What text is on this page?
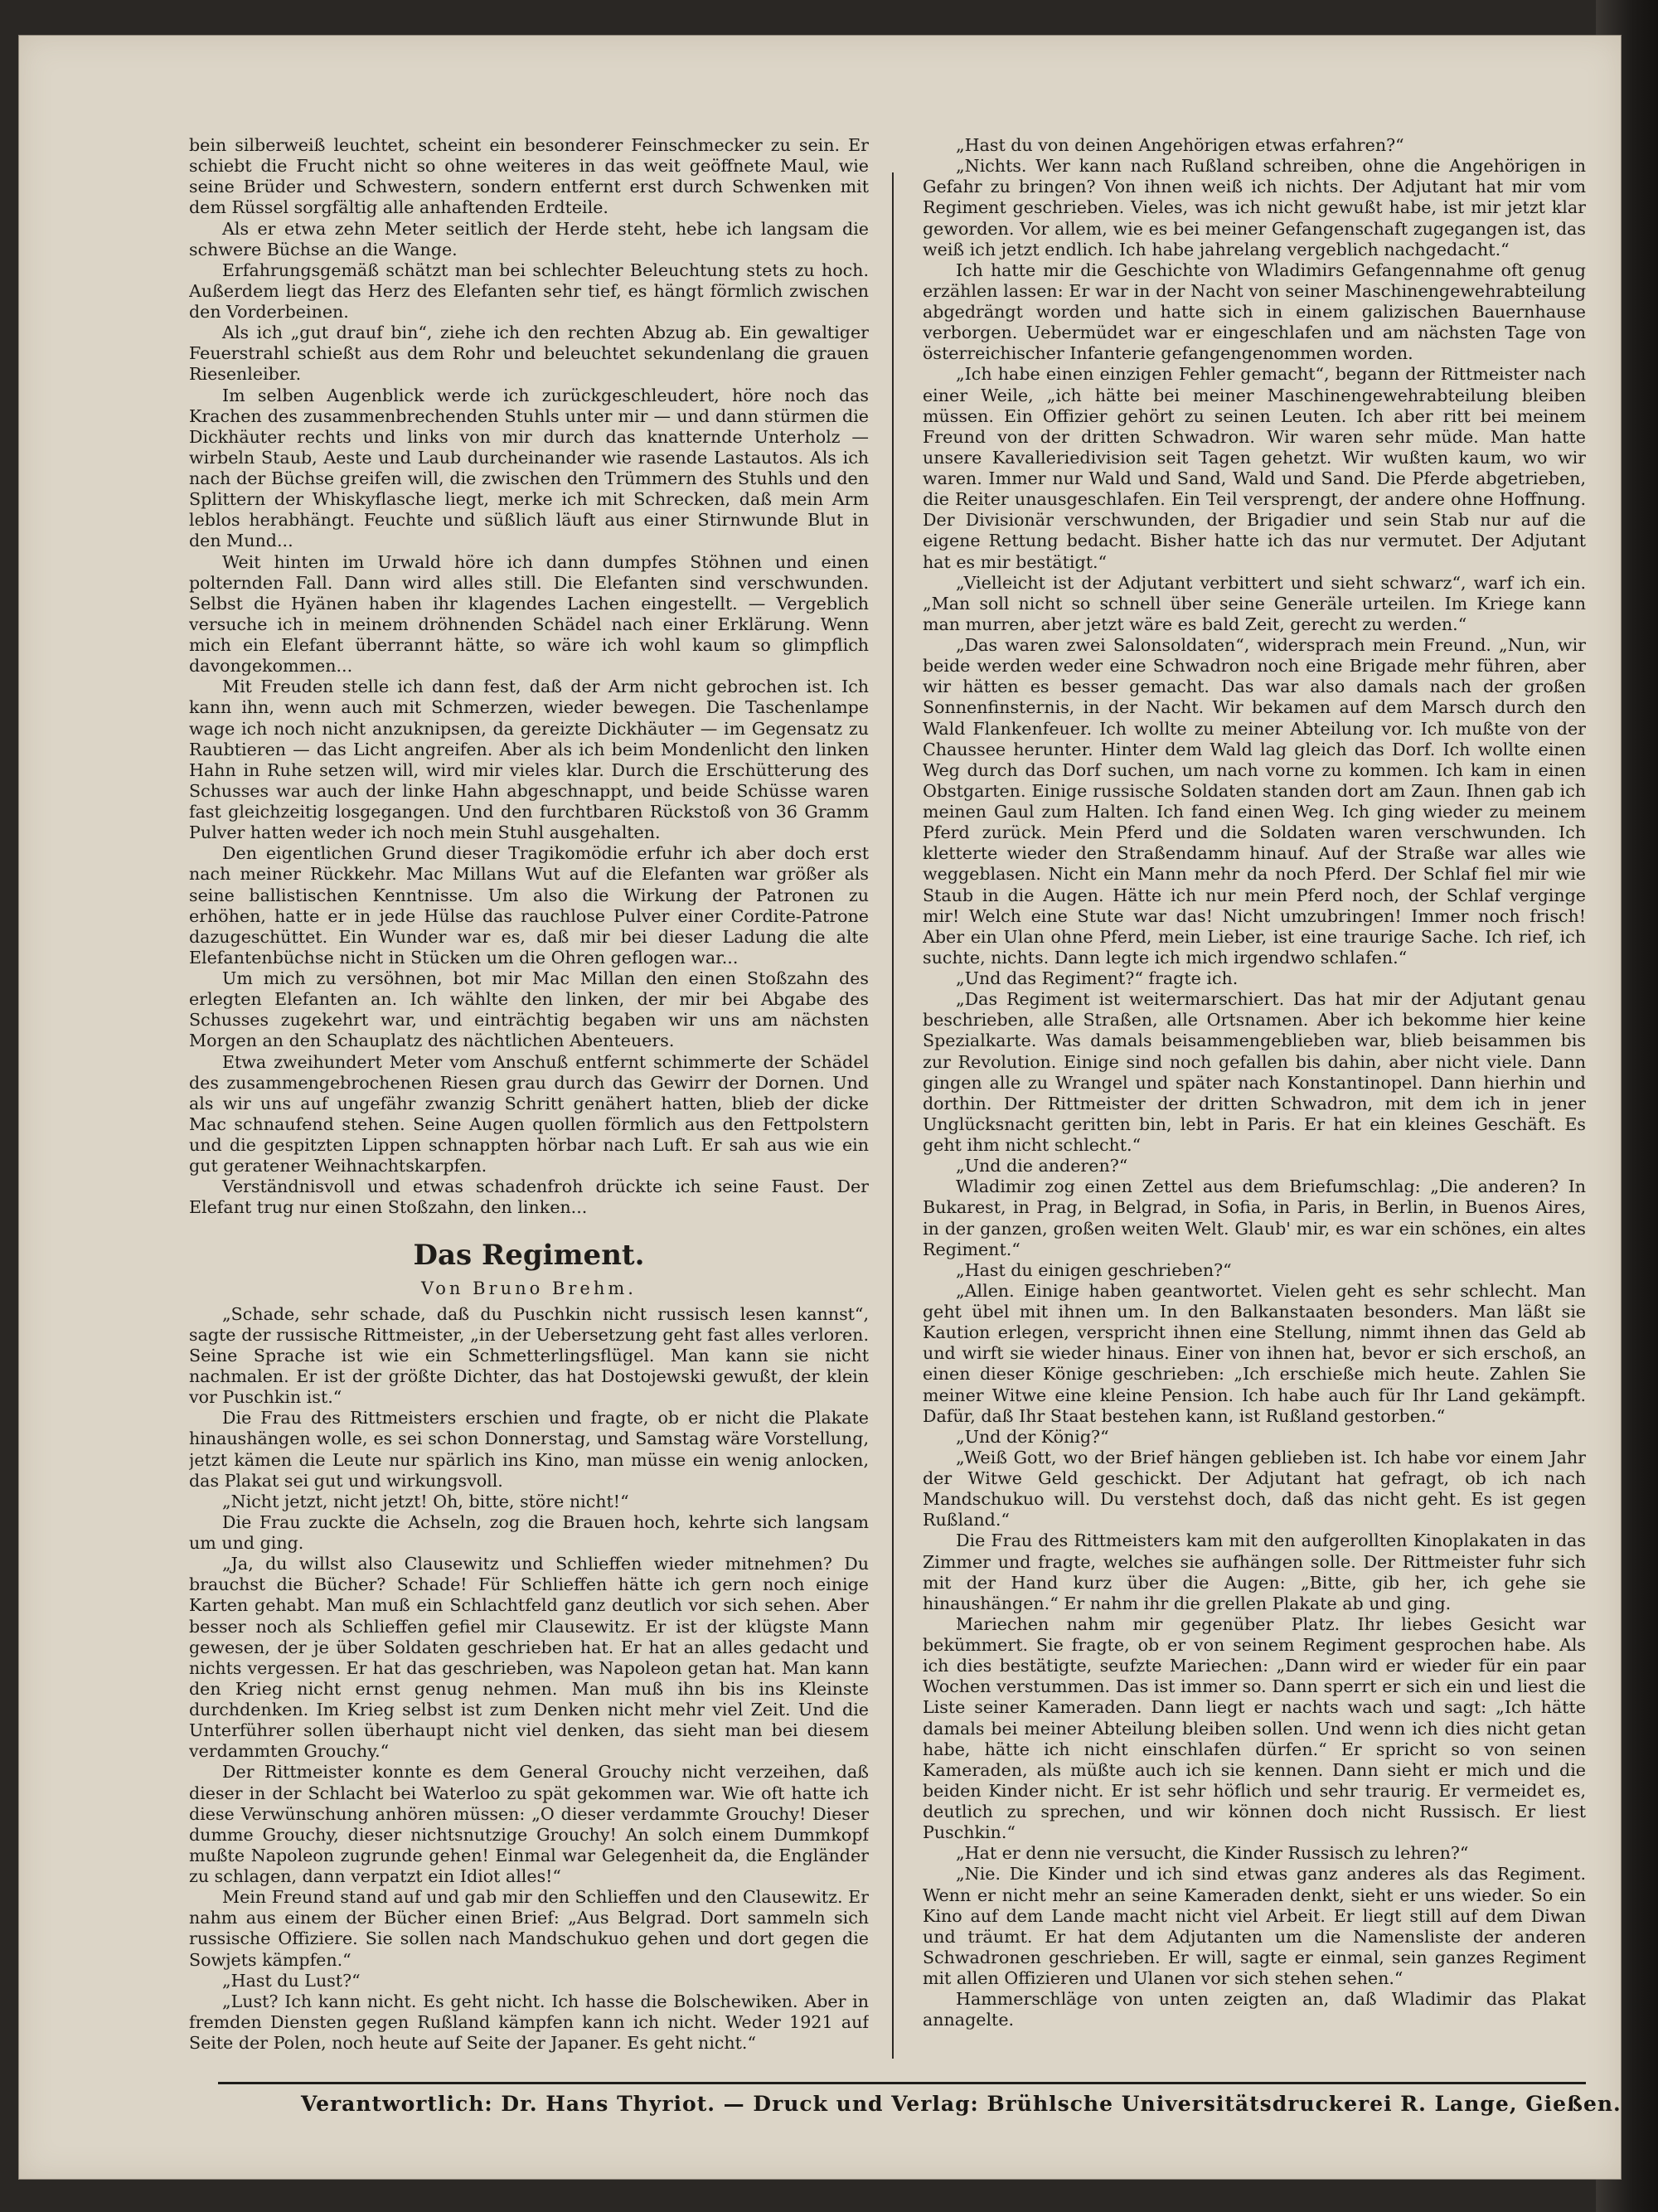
bein silberweiß leuchtet, scheint ein besonderer Feinschmecker zu sein. Er schiebt die Frucht nicht so ohne weiteres in das weit geöffnete Maul, wie seine Brüder und Schwestern, sondern entfernt erst durch Schwenken mit dem Rüssel sorgfältig alle anhaftenden Erdteile.

Als er etwa zehn Meter seitlich der Herde steht, hebe ich langsam die schwere Büchse an die Wange.

Erfahrungsgemäß schätzt man bei schlechter Beleuchtung stets zu hoch. Außerdem liegt das Herz des Elefanten sehr tief, es hängt förmlich zwischen den Vorderbeinen.

Als ich „gut drauf bin“, ziehe ich den rechten Abzug ab. Ein gewaltiger Feuerstrahl schießt aus dem Rohr und beleuchtet sekundenlang die grauen Riesenleiber.

Im selben Augenblick werde ich zurückgeschleudert, höre noch das Krachen des zusammenbrechenden Stuhls unter mir — und dann stürmen die Dickhäuter rechts und links von mir durch das knatternde Unterholz — wirbeln Staub, Aeste und Laub durcheinander wie rasende Lastautos. Als ich nach der Büchse greifen will, die zwischen den Trümmern des Stuhls und den Splittern der Whiskyflasche liegt, merke ich mit Schrecken, daß mein Arm leblos herabhängt. Feuchte und süßlich läuft aus einer Stirnwunde Blut in den Mund...

Weit hinten im Urwald höre ich dann dumpfes Stöhnen und einen polternden Fall. Dann wird alles still. Die Elefanten sind verschwunden. Selbst die Hyänen haben ihr klagendes Lachen eingestellt. — Vergeblich versuche ich in meinem dröhnenden Schädel nach einer Erklärung. Wenn mich ein Elefant überrannt hätte, so wäre ich wohl kaum so glimpflich davongekommen...

Mit Freuden stelle ich dann fest, daß der Arm nicht gebrochen ist. Ich kann ihn, wenn auch mit Schmerzen, wieder bewegen. Die Taschenlampe wage ich noch nicht anzuknipsen, da gereizte Dickhäuter — im Gegensatz zu Raubtieren — das Licht angreifen. Aber als ich beim Mondenlicht den linken Hahn in Ruhe setzen will, wird mir vieles klar. Durch die Erschütterung des Schusses war auch der linke Hahn abgeschnappt, und beide Schüsse waren fast gleichzeitig losgegangen. Und den furchtbaren Rückstoß von 36 Gramm Pulver hatten weder ich noch mein Stuhl ausgehalten.

Den eigentlichen Grund dieser Tragikomödie erfuhr ich aber doch erst nach meiner Rückkehr. Mac Millans Wut auf die Elefanten war größer als seine ballistischen Kenntnisse. Um also die Wirkung der Patronen zu erhöhen, hatte er in jede Hülse das rauchlose Pulver einer Cordite-Patrone dazugeschüttet. Ein Wunder war es, daß mir bei dieser Ladung die alte Elefantenbüchse nicht in Stücken um die Ohren geflogen war...

Um mich zu versöhnen, bot mir Mac Millan den einen Stoßzahn des erlegten Elefanten an. Ich wählte den linken, der mir bei Abgabe des Schusses zugekehrt war, und einträchtig begaben wir uns am nächsten Morgen an den Schauplatz des nächtlichen Abenteuers.

Etwa zweihundert Meter vom Anschuß entfernt schimmerte der Schädel des zusammengebrochenen Riesen grau durch das Gewirr der Dornen. Und als wir uns auf ungefähr zwanzig Schritt genähert hatten, blieb der dicke Mac schnaufend stehen. Seine Augen quollen förmlich aus den Fettpolstern und die gespitzten Lippen schnappten hörbar nach Luft. Er sah aus wie ein gut geratener Weihnachtskarpfen.

Verständnisvoll und etwas schadenfroh drückte ich seine Faust. Der Elefant trug nur einen Stoßzahn, den linken...

Das Regiment.
Von Bruno Brehm.

„Schade, sehr schade, daß du Puschkin nicht russisch lesen kannst“, sagte der russische Rittmeister, „in der Uebersetzung geht fast alles verloren. Seine Sprache ist wie ein Schmetterlingsflügel. Man kann sie nicht nachmalen. Er ist der größte Dichter, das hat Dostojewski gewußt, der klein vor Puschkin ist.“

Die Frau des Rittmeisters erschien und fragte, ob er nicht die Plakate hinaushängen wolle, es sei schon Donnerstag, und Samstag wäre Vorstellung, jetzt kämen die Leute nur spärlich ins Kino, man müsse ein wenig anlocken, das Plakat sei gut und wirkungsvoll.

„Nicht jetzt, nicht jetzt! Oh, bitte, störe nicht!“

Die Frau zuckte die Achseln, zog die Brauen hoch, kehrte sich langsam um und ging.

„Ja, du willst also Clausewitz und Schlieffen wieder mitnehmen? Du brauchst die Bücher? Schade! Für Schlieffen hätte ich gern noch einige Karten gehabt. Man muß ein Schlachtfeld ganz deutlich vor sich sehen. Aber besser noch als Schlieffen gefiel mir Clausewitz. Er ist der klügste Mann gewesen, der je über Soldaten geschrieben hat. Er hat an alles gedacht und nichts vergessen. Er hat das geschrieben, was Napoleon getan hat. Man kann den Krieg nicht ernst genug nehmen. Man muß ihn bis ins Kleinste durchdenken. Im Krieg selbst ist zum Denken nicht mehr viel Zeit. Und die Unterführer sollen überhaupt nicht viel denken, das sieht man bei diesem verdammten Grouchy.“

Der Rittmeister konnte es dem General Grouchy nicht verzeihen, daß dieser in der Schlacht bei Waterloo zu spät gekommen war. Wie oft hatte ich diese Verwünschung anhören müssen: „O dieser verdammte Grouchy! Dieser dumme Grouchy, dieser nichtsnutzige Grouchy! An solch einem Dummkopf mußte Napoleon zugrunde gehen! Einmal war Gelegenheit da, die Engländer zu schlagen, dann verpatzt ein Idiot alles!“

Mein Freund stand auf und gab mir den Schlieffen und den Clausewitz. Er nahm aus einem der Bücher einen Brief: „Aus Belgrad. Dort sammeln sich russische Offiziere. Sie sollen nach Mandschukuo gehen und dort gegen die Sowjets kämpfen.“

„Hast du Lust?“

„Lust? Ich kann nicht. Es geht nicht. Ich hasse die Bolschewiken. Aber in fremden Diensten gegen Rußland kämpfen kann ich nicht. Weder 1921 auf Seite der Polen, noch heute auf Seite der Japaner. Es geht nicht.“

„Hast du von deinen Angehörigen etwas erfahren?“

„Nichts. Wer kann nach Rußland schreiben, ohne die Angehörigen in Gefahr zu bringen? Von ihnen weiß ich nichts. Der Adjutant hat mir vom Regiment geschrieben. Vieles, was ich nicht gewußt habe, ist mir jetzt klar geworden. Vor allem, wie es bei meiner Gefangenschaft zugegangen ist, das weiß ich jetzt endlich. Ich habe jahrelang vergeblich nachgedacht.“

Ich hatte mir die Geschichte von Wladimirs Gefangennahme oft genug erzählen lassen: Er war in der Nacht von seiner Maschinengewehrabteilung abgedrängt worden und hatte sich in einem galizischen Bauernhause verborgen. Uebermüdet war er eingeschlafen und am nächsten Tage von österreichischer Infanterie gefangengenommen worden.

„Ich habe einen einzigen Fehler gemacht“, begann der Rittmeister nach einer Weile, „ich hätte bei meiner Maschinengewehrabteilung bleiben müssen. Ein Offizier gehört zu seinen Leuten. Ich aber ritt bei meinem Freund von der dritten Schwadron. Wir waren sehr müde. Man hatte unsere Kavalleriedivision seit Tagen gehetzt. Wir wußten kaum, wo wir waren. Immer nur Wald und Sand, Wald und Sand. Die Pferde abgetrieben, die Reiter unausgeschlafen. Ein Teil versprengt, der andere ohne Hoffnung. Der Divisionär verschwunden, der Brigadier und sein Stab nur auf die eigene Rettung bedacht. Bisher hatte ich das nur vermutet. Der Adjutant hat es mir bestätigt.“

„Vielleicht ist der Adjutant verbittert und sieht schwarz“, warf ich ein. „Man soll nicht so schnell über seine Generäle urteilen. Im Kriege kann man murren, aber jetzt wäre es bald Zeit, gerecht zu werden.“

„Das waren zwei Salonsoldaten“, widersprach mein Freund. „Nun, wir beide werden weder eine Schwadron noch eine Brigade mehr führen, aber wir hätten es besser gemacht. Das war also damals nach der großen Sonnenfinsternis, in der Nacht. Wir bekamen auf dem Marsch durch den Wald Flankenfeuer. Ich wollte zu meiner Abteilung vor. Ich mußte von der Chaussee herunter. Hinter dem Wald lag gleich das Dorf. Ich wollte einen Weg durch das Dorf suchen, um nach vorne zu kommen. Ich kam in einen Obstgarten. Einige russische Soldaten standen dort am Zaun. Ihnen gab ich meinen Gaul zum Halten. Ich fand einen Weg. Ich ging wieder zu meinem Pferd zurück. Mein Pferd und die Soldaten waren verschwunden. Ich kletterte wieder den Straßendamm hinauf. Auf der Straße war alles wie weggeblasen. Nicht ein Mann mehr da noch Pferd. Der Schlaf fiel mir wie Staub in die Augen. Hätte ich nur mein Pferd noch, der Schlaf verginge mir! Welch eine Stute war das! Nicht umzubringen! Immer noch frisch! Aber ein Ulan ohne Pferd, mein Lieber, ist eine traurige Sache. Ich rief, ich suchte, nichts. Dann legte ich mich irgendwo schlafen.“

„Und das Regiment?“ fragte ich.

„Das Regiment ist weitermarschiert. Das hat mir der Adjutant genau beschrieben, alle Straßen, alle Ortsnamen. Aber ich bekomme hier keine Spezialkarte. Was damals beisammengeblieben war, blieb beisammen bis zur Revolution. Einige sind noch gefallen bis dahin, aber nicht viele. Dann gingen alle zu Wrangel und später nach Konstantinopel. Dann hierhin und dorthin. Der Rittmeister der dritten Schwadron, mit dem ich in jener Unglücksnacht geritten bin, lebt in Paris. Er hat ein kleines Geschäft. Es geht ihm nicht schlecht.“

„Und die anderen?“

Wladimir zog einen Zettel aus dem Briefumschlag: „Die anderen? In Bukarest, in Prag, in Belgrad, in Sofia, in Paris, in Berlin, in Buenos Aires, in der ganzen, großen weiten Welt. Glaub' mir, es war ein schönes, ein altes Regiment.“

„Hast du einigen geschrieben?“

„Allen. Einige haben geantwortet. Vielen geht es sehr schlecht. Man geht übel mit ihnen um. In den Balkanstaaten besonders. Man läßt sie Kaution erlegen, verspricht ihnen eine Stellung, nimmt ihnen das Geld ab und wirft sie wieder hinaus. Einer von ihnen hat, bevor er sich erschoß, an einen dieser Könige geschrieben: „Ich erschieße mich heute. Zahlen Sie meiner Witwe eine kleine Pension. Ich habe auch für Ihr Land gekämpft. Dafür, daß Ihr Staat bestehen kann, ist Rußland gestorben.“

„Und der König?“

„Weiß Gott, wo der Brief hängen geblieben ist. Ich habe vor einem Jahr der Witwe Geld geschickt. Der Adjutant hat gefragt, ob ich nach Mandschukuo will. Du verstehst doch, daß das nicht geht. Es ist gegen Rußland.“

Die Frau des Rittmeisters kam mit den aufgerollten Kinoplakaten in das Zimmer und fragte, welches sie aufhängen solle. Der Rittmeister fuhr sich mit der Hand kurz über die Augen: „Bitte, gib her, ich gehe sie hinaushängen.“ Er nahm ihr die grellen Plakate ab und ging.

Mariechen nahm mir gegenüber Platz. Ihr liebes Gesicht war bekümmert. Sie fragte, ob er von seinem Regiment gesprochen habe. Als ich dies bestätigte, seufzte Mariechen: „Dann wird er wieder für ein paar Wochen verstummen. Das ist immer so. Dann sperrt er sich ein und liest die Liste seiner Kameraden. Dann liegt er nachts wach und sagt: „Ich hätte damals bei meiner Abteilung bleiben sollen. Und wenn ich dies nicht getan habe, hätte ich nicht einschlafen dürfen.“ Er spricht so von seinen Kameraden, als müßte auch ich sie kennen. Dann sieht er mich und die beiden Kinder nicht. Er ist sehr höflich und sehr traurig. Er vermeidet es, deutlich zu sprechen, und wir können doch nicht Russisch. Er liest Puschkin.“

„Hat er denn nie versucht, die Kinder Russisch zu lehren?“

„Nie. Die Kinder und ich sind etwas ganz anderes als das Regiment. Wenn er nicht mehr an seine Kameraden denkt, sieht er uns wieder. So ein Kino auf dem Lande macht nicht viel Arbeit. Er liegt still auf dem Diwan und träumt. Er hat dem Adjutanten um die Namensliste der anderen Schwadronen geschrieben. Er will, sagte er einmal, sein ganzes Regiment mit allen Offizieren und Ulanen vor sich stehen sehen.“

Hammerschläge von unten zeigten an, daß Wladimir das Plakat annagelte.

Verantwortlich: Dr. Hans Thyriot. — Druck und Verlag: Brühlsche Universitätsdruckerei R. Lange, Gießen.
